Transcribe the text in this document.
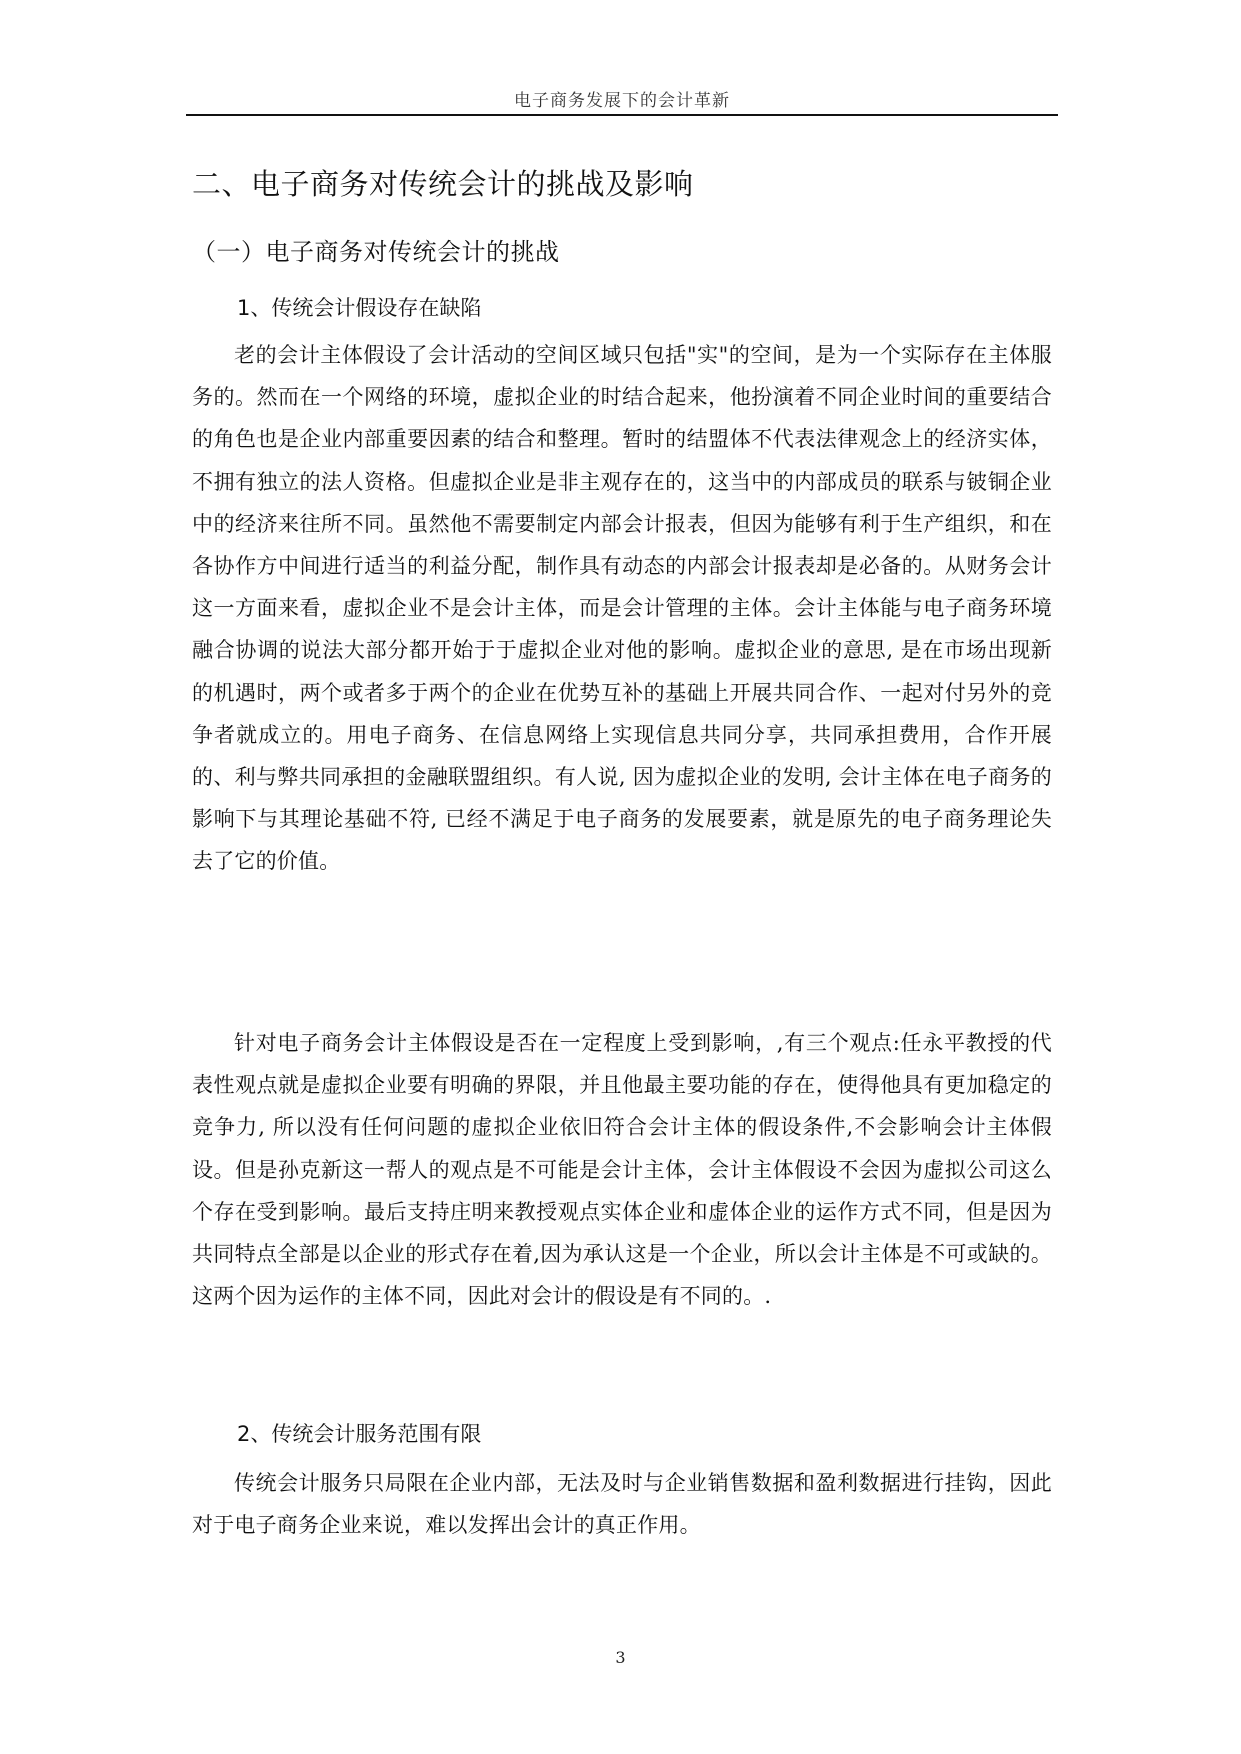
电子商务发展下的会计革新
二、电子商务对传统会计的挑战及影响
（一）电子商务对传统会计的挑战
1、传统会计假设存在缺陷

老的会计主体假设了会计活动的空间区域只包括"实"的空间，是为一个实际存在主体服务的。然而在一个网络的环境，虚拟企业的时结合起来，他扮演着不同企业时间的重要结合的角色也是企业内部重要因素的结合和整理。暂时的结盟体不代表法律观念上的经济实体，不拥有独立的法人资格。但虚拟企业是非主观存在的，这当中的内部成员的联系与铍铜企业中的经济来往所不同。虽然他不需要制定内部会计报表，但因为能够有利于生产组织，和在各协作方中间进行适当的利益分配，制作具有动态的内部会计报表却是必备的。从财务会计这一方面来看，虚拟企业不是会计主体，而是会计管理的主体。会计主体能与电子商务环境融合协调的说法大部分都开始于于虚拟企业对他的影响。虚拟企业的意思, 是在市场出现新的机遇时，两个或者多于两个的企业在优势互补的基础上开展共同合作、一起对付另外的竞争者就成立的。用电子商务、在信息网络上实现信息共同分享，共同承担费用，合作开展的、利与弊共同承担的金融联盟组织。有人说, 因为虚拟企业的发明, 会计主体在电子商务的影响下与其理论基础不符, 已经不满足于电子商务的发展要素，就是原先的电子商务理论失去了它的价值。

针对电子商务会计主体假设是否在一定程度上受到影响，,有三个观点:任永平教授的代表性观点就是虚拟企业要有明确的界限，并且他最主要功能的存在，使得他具有更加稳定的竞争力, 所以没有任何问题的虚拟企业依旧符合会计主体的假设条件,不会影响会计主体假设。但是孙克新这一帮人的观点是不可能是会计主体，会计主体假设不会因为虚拟公司这么个存在受到影响。最后支持庄明来教授观点实体企业和虚体企业的运作方式不同，但是因为共同特点全部是以企业的形式存在着,因为承认这是一个企业，所以会计主体是不可或缺的。这两个因为运作的主体不同，因此对会计的假设是有不同的。.

2、传统会计服务范围有限

传统会计服务只局限在企业内部，无法及时与企业销售数据和盈利数据进行挂钩，因此对于电子商务企业来说，难以发挥出会计的真正作用。

3
